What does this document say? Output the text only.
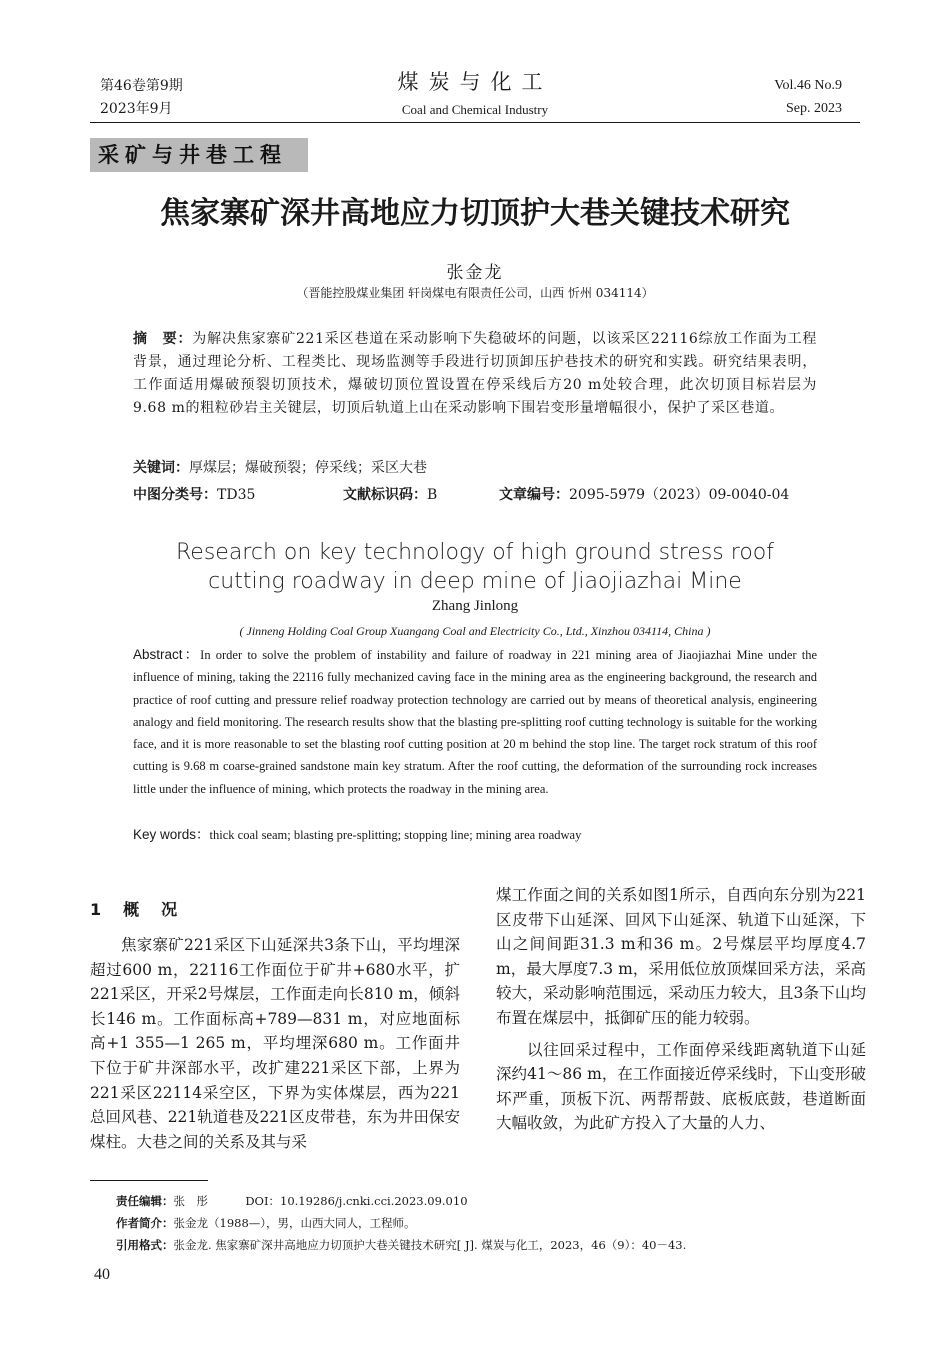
第46卷第9期
2023年9月
煤炭与化工
Coal and Chemical Industry
Vol.46 No.9
Sep. 2023
采矿与井巷工程
焦家寨矿深井高地应力切顶护大巷关键技术研究
张金龙
（晋能控股煤业集团 轩岗煤电有限责任公司，山西 忻州 034114）
摘　要：为解决焦家寨矿221采区巷道在采动影响下失稳破坏的问题，以该采区22116综放工作面为工程背景，通过理论分析、工程类比、现场监测等手段进行切顶卸压护巷技术的研究和实践。研究结果表明，工作面适用爆破预裂切顶技术，爆破切顶位置设置在停采线后方20 m处较合理，此次切顶目标岩层为9.68 m的粗粒砂岩主关键层，切顶后轨道上山在采动影响下围岩变形量增幅很小，保护了采区巷道。
关键词：厚煤层；爆破预裂；停采线；采区大巷
中图分类号：TD35	文献标识码：B	文章编号：2095-5979（2023）09-0040-04
Research on key technology of high ground stress roof
cutting roadway in deep mine of Jiaojiazhai Mine
Zhang Jinlong
( Jinneng Holding Coal Group Xuangang Coal and Electricity Co., Ltd., Xinzhou 034114, China )
Abstract：In order to solve the problem of instability and failure of roadway in 221 mining area of Jiaojiazhai Mine under the influence of mining, taking the 22116 fully mechanized caving face in the mining area as the engineering background, the research and practice of roof cutting and pressure relief roadway protection technology are carried out by means of theoretical analysis, engineering analogy and field monitoring. The research results show that the blasting pre-splitting roof cutting technology is suitable for the working face, and it is more reasonable to set the blasting roof cutting position at 20 m behind the stop line. The target rock stratum of this roof cutting is 9.68 m coarse-grained sandstone main key stratum. After the roof cutting, the deformation of the surrounding rock increases little under the influence of mining, which protects the roadway in the mining area.
Key words：thick coal seam; blasting pre-splitting; stopping line; mining area roadway
1　概　况

焦家寨矿221采区下山延深共3条下山，平均埋深超过600 m，22116工作面位于矿井+680水平，扩221采区，开采2号煤层，工作面走向长810 m，倾斜长146 m。工作面标高+789—831 m，对应地面标高+1 355—1 265 m，平均埋深680 m。工作面井下位于矿井深部水平，改扩建221采区下部，上界为221采区22114采空区，下界为实体煤层，西为221总回风巷、221轨道巷及221区皮带巷，东为井田保安煤柱。大巷之间的关系及其与采

煤工作面之间的关系如图1所示，自西向东分别为221区皮带下山延深、回风下山延深、轨道下山延深，下山之间间距31.3 m和36 m。2号煤层平均厚度4.7 m，最大厚度7.3 m，采用低位放顶煤回采方法，采高较大，采动影响范围远，采动压力较大，且3条下山均布置在煤层中，抵御矿压的能力较弱。

以往回采过程中，工作面停采线距离轨道下山延深约41～86 m，在工作面接近停采线时，下山变形破坏严重，顶板下沉、两帮帮鼓、底板底鼓，巷道断面大幅收敛，为此矿方投入了大量的人力、

责任编辑：张　彤	DOI：10.19286/j.cnki.cci.2023.09.010
作者简介：张金龙（1988—），男，山西大同人，工程师。
引用格式：张金龙. 焦家寨矿深井高地应力切顶护大巷关键技术研究[ J]. 煤炭与化工，2023，46（9）：40－43.
40
